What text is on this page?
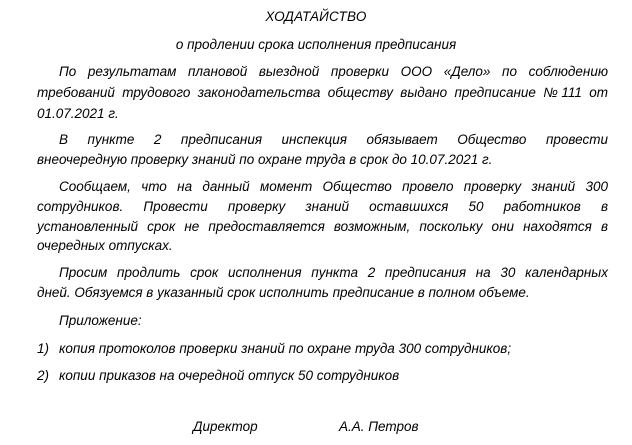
ХОДАТАЙСТВО
о продлении срока исполнения предписания
По результатам плановой выездной проверки ООО «Дело» по соблюдению
требований трудового законодательства обществу выдано предписание №111 от
01.07.2021 г.
В пункте 2 предписания инспекция обязывает Общество провести
внеочередную проверку знаний по охране труда в срок до 10.07.2021 г.
Сообщаем, что на данный момент Общество провело проверку знаний 300
сотрудников. Провести проверку знаний оставшихся 50 работников в
установленный срок не предоставляется возможным, поскольку они находятся в
очередных отпусках.
Просим продлить срок исполнения пункта 2 предписания на 30 календарных
дней. Обязуемся в указанный срок исполнить предписание в полном объеме.
Приложение:
1) копия протоколов проверки знаний по охране труда 300 сотрудников;
2) копии приказов на очередной отпуск 50 сотрудников
Директор	А.А. Петров
